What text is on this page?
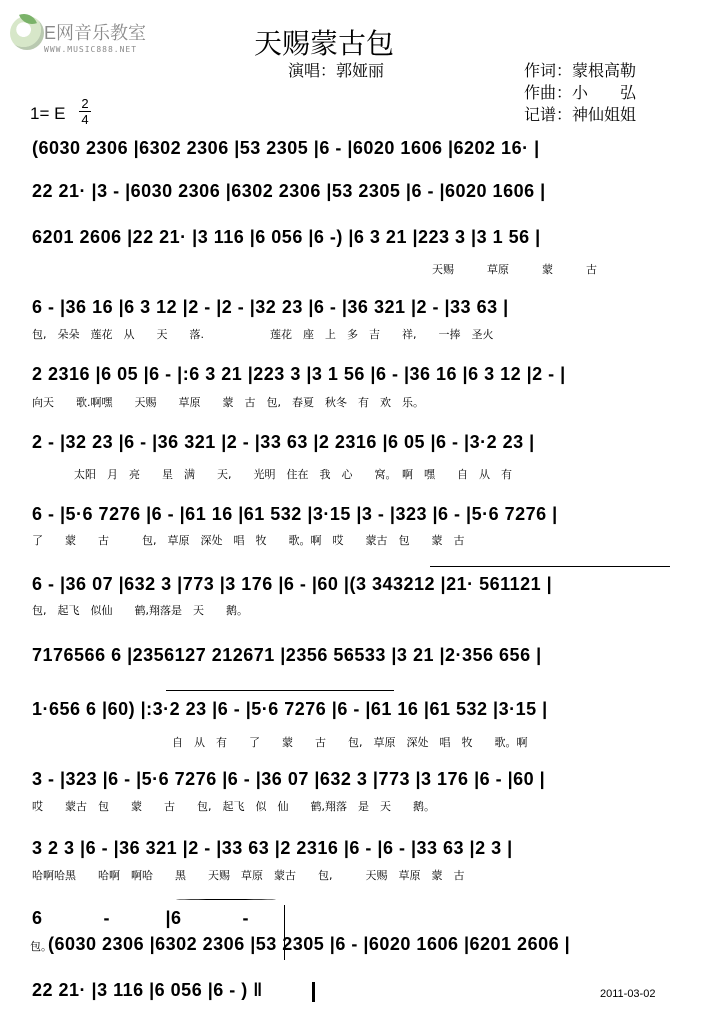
E网音乐教室
WWW.MUSIC888.NET	天赐蒙古包
演唱：郭娅丽	作词：蒙根高勒
作曲：小　　弘
记谱：神仙姐姐
1= E
2
4
(6030 2306 |6302 2306 |53 2305 |6 - |6020 1606 |6202 16· |
22 21· |3 - |6030 2306 |6302 2306 |53 2305 |6 - |6020 1606 |
6201 2606 |22 21· |3 116 |6 056 |6 -) |6 3 21 |223 3 |3 1 56 |
天赐　　　草原　　　蒙　　　古
6 - |36 16 |6 3 12 |2 - |2 - |32 23 |6 - |36 321 |2 - |33 63 |
包,　朵朵　莲花　从　　天　　落.　　　　　　莲花　座　上　多　吉　　祥,　　一捧　圣火
2 2316 |6 05 |6 - |:6 3 21 |223 3 |3 1 56 |6 - |36 16 |6 3 12 |2 - |
向天　　歌.啊嘿　　天赐　　草原　　蒙　古　包,　春夏　秋冬　有　欢　乐。
2 - |32 23 |6 - |36 321 |2 - |33 63 |2 2316 |6 05 |6 - |3·2 23 |
太阳　月　亮　　星　满　　天,　　光明　住在　我　心　　窝。　啊　嘿　　自　从　有
6 - |5·6 7276 |6 - |61 16 |61 532 |3·15 |3 - |323 |6 - |5·6 7276 |
了　　蒙　　古　　　包,　草原　深处　唱　牧　　歌。啊　哎　　蒙古　包　　蒙　古
6 - |36 07 |632 3 |773 |3 176 |6 - |60 |(3 343212 |21· 561121 |
包,　起飞　似仙　　鹤,翔落是　天　　鹅。
7176566 6 |2356127 212671 |2356 56533 |3 21 |2·356 656 |
1·656 6 |60) |:3·2 23 |6 - |5·6 7276 |6 - |61 16 |61 532 |3·15 |
自　从　有　　了　　蒙　　古　　包,　草原　深处　唱　牧　　歌。啊
3 - |323 |6 - |5·6 7276 |6 - |36 07 |632 3 |773 |3 176 |6 - |60 |
哎　　蒙古　包　　蒙　　古　　包,　起飞　似　仙　　鹤,翔落　是　天　　鹅。
3 2 3 |6 - |36 321 |2 - |33 63 |2 2316 |6 - |6 - |33 63 |2 3 |
哈啊哈黑　　哈啊　啊哈　　黑　　天赐　草原　蒙古　　包,　　　天赐　草原　蒙　古
6　　　 -　　　|6　　　 -
包。
(6030 2306 |6302 2306 |53 2305 |6 - |6020 1606 |6201 2606 |
22 21· |3 116 |6 056 |6 - ) ‖	2011-03-02
